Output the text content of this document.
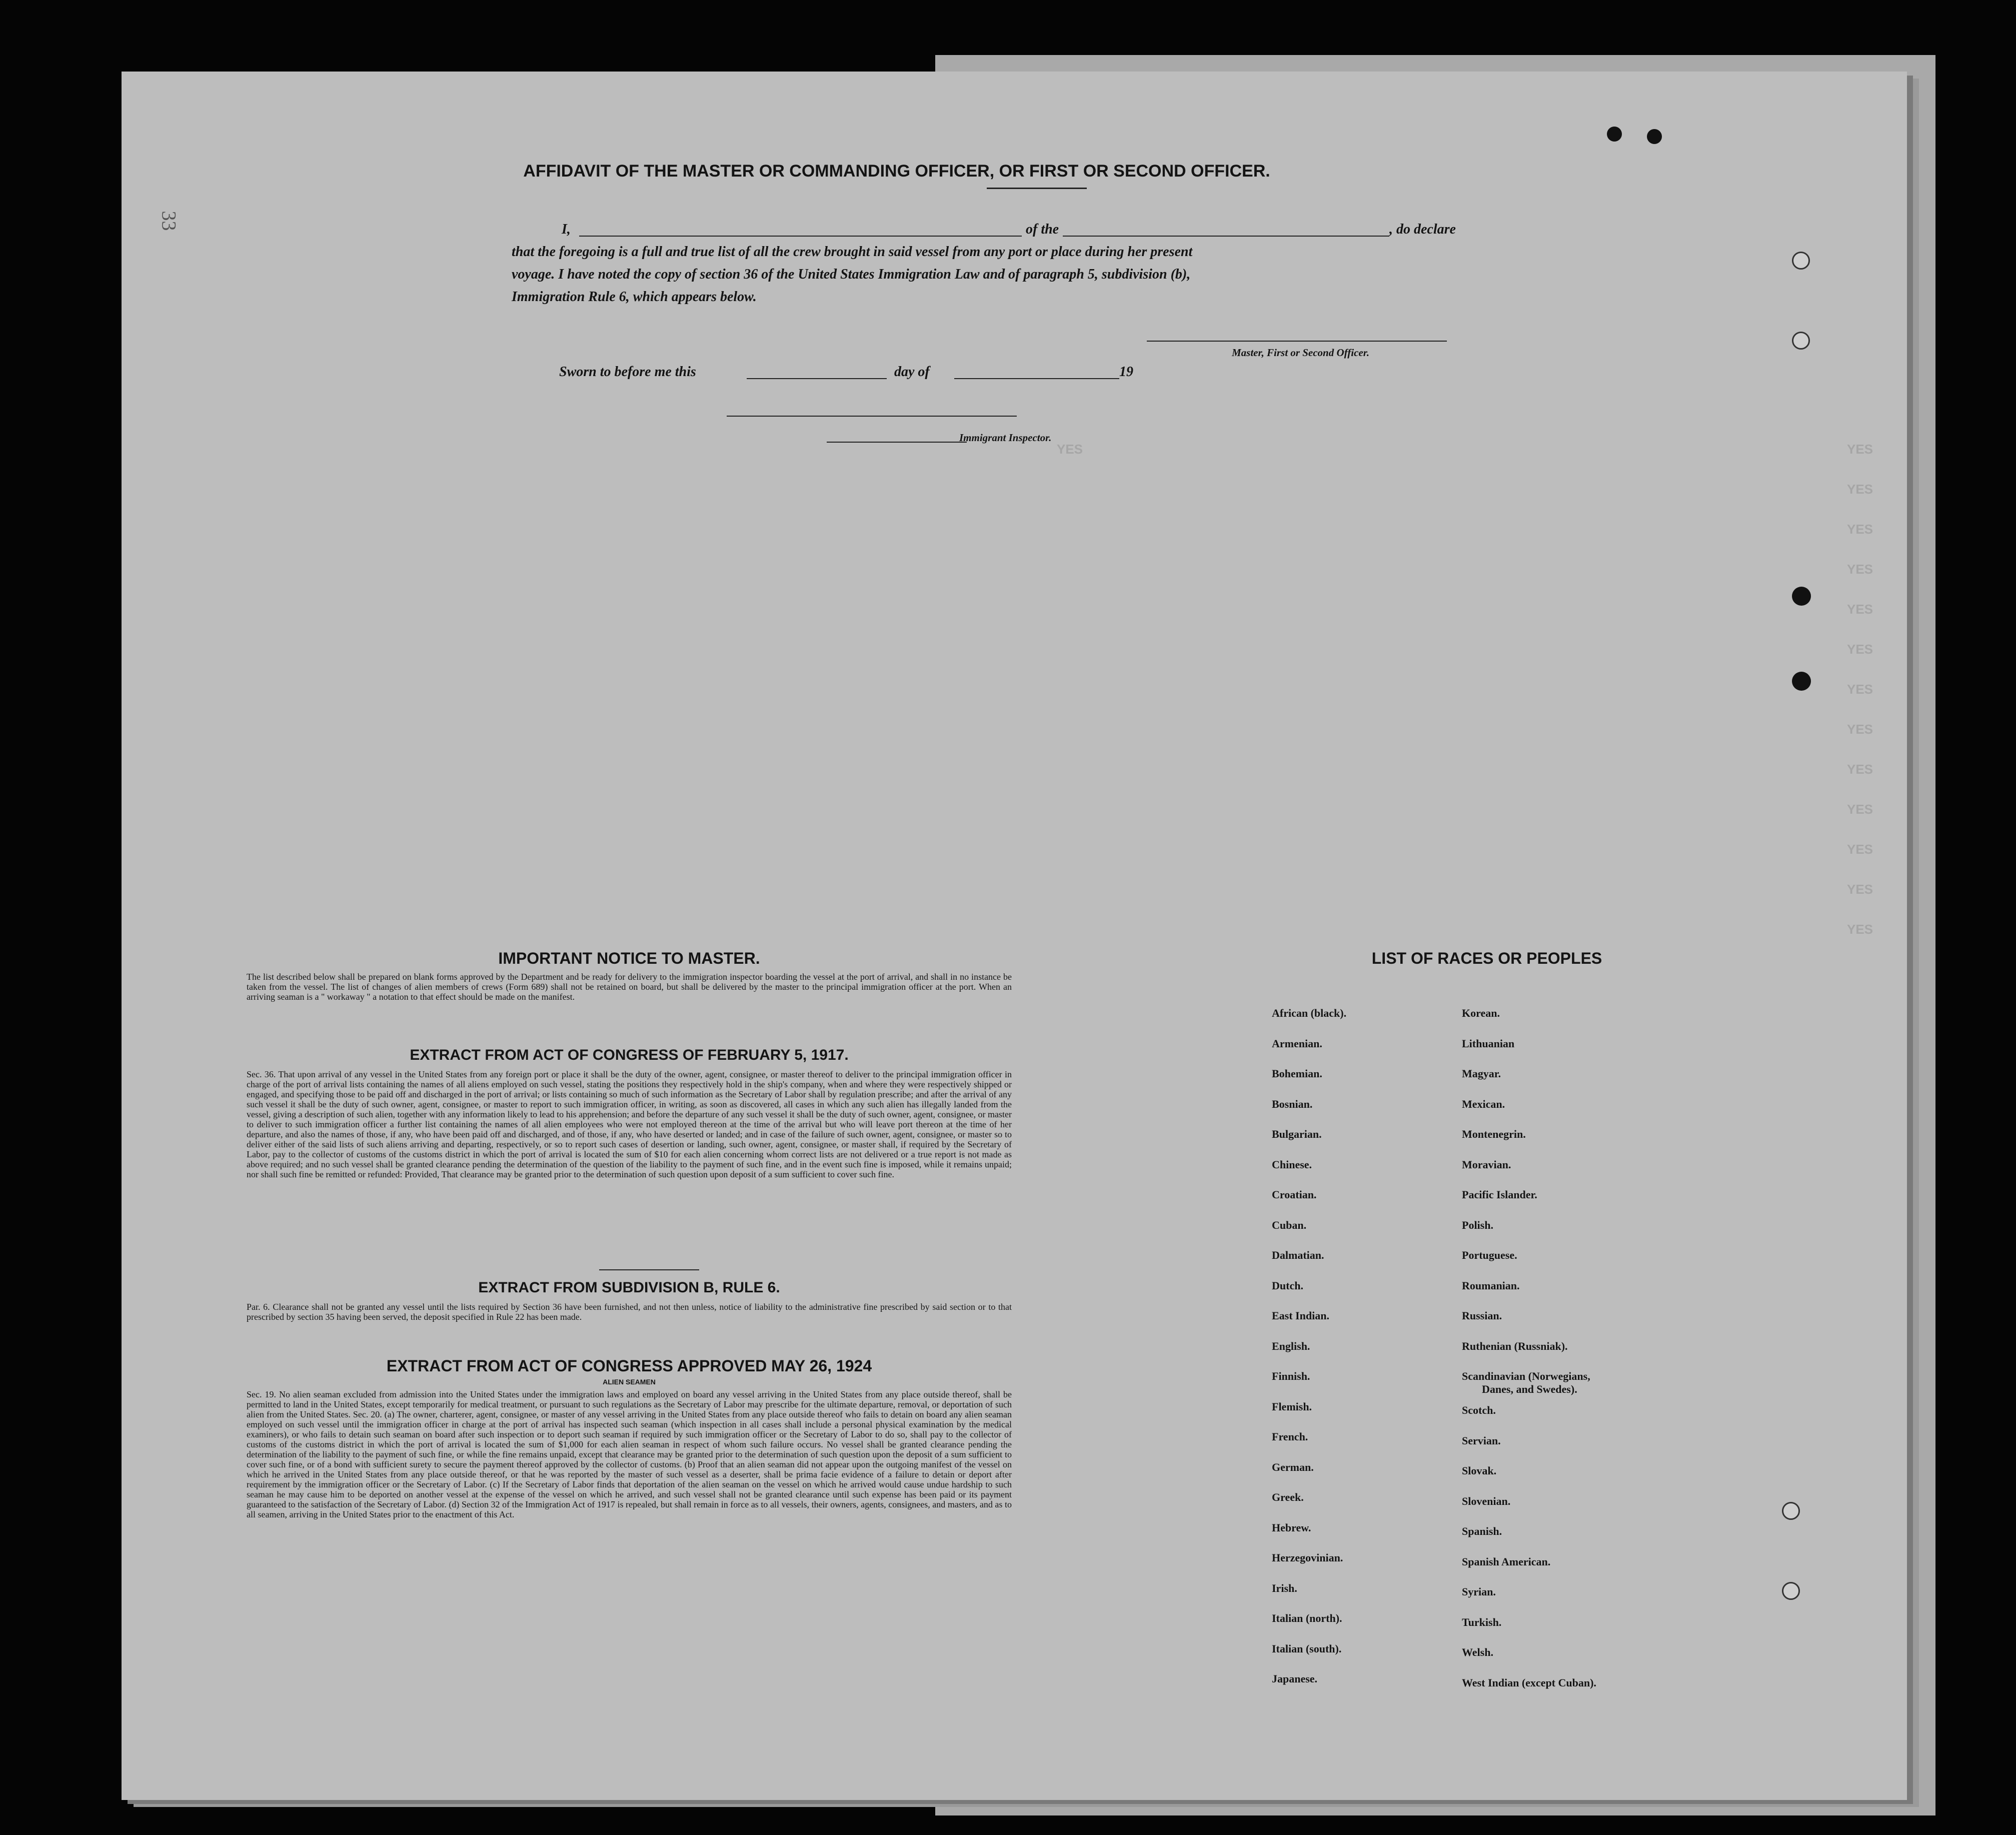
33
YES	YES
YES
YES
YES
YES
YES
YES
YES
YES
YES
YES
YES
YES
AFFIDAVIT OF THE MASTER OR COMMANDING OFFICER, OR FIRST OR SECOND OFFICER.
I,	of the	, do declare
that the foregoing is a full and true list of all the crew brought in said vessel from any port or place during her present
voyage. I have noted the copy of section 36 of the United States Immigration Law and of paragraph 5, subdivision (b),
Immigration Rule 6, which appears below.
Master, First or Second Officer.
Sworn to before me this	day of	19
Immigrant Inspector.
IMPORTANT NOTICE TO MASTER.
The list described below shall be prepared on blank forms approved by the Department and be ready for delivery to the immigration inspector boarding the vessel at the port of arrival, and shall in no instance be taken from the vessel. The list of changes of alien members of crews (Form 689) shall not be retained on board, but shall be delivered by the master to the principal immigration officer at the port. When an arriving seaman is a " workaway " a notation to that effect should be made on the manifest.
EXTRACT FROM ACT OF CONGRESS OF FEBRUARY 5, 1917.
Sec. 36. That upon arrival of any vessel in the United States from any foreign port or place it shall be the duty of the owner, agent, consignee, or master thereof to deliver to the principal immigration officer in charge of the port of arrival lists containing the names of all aliens employed on such vessel, stating the positions they respectively hold in the ship's company, when and where they were respectively shipped or engaged, and specifying those to be paid off and discharged in the port of arrival; or lists containing so much of such information as the Secretary of Labor shall by regulation prescribe; and after the arrival of any such vessel it shall be the duty of such owner, agent, consignee, or master to report to such immigration officer, in writing, as soon as discovered, all cases in which any such alien has illegally landed from the vessel, giving a description of such alien, together with any information likely to lead to his apprehension; and before the departure of any such vessel it shall be the duty of such owner, agent, consignee, or master to deliver to such immigration officer a further list containing the names of all alien employees who were not employed thereon at the time of the arrival but who will leave port thereon at the time of her departure, and also the names of those, if any, who have been paid off and discharged, and of those, if any, who have deserted or landed; and in case of the failure of such owner, agent, consignee, or master so to deliver either of the said lists of such aliens arriving and departing, respectively, or so to report such cases of desertion or landing, such owner, agent, consignee, or master shall, if required by the Secretary of Labor, pay to the collector of customs of the customs district in which the port of arrival is located the sum of $10 for each alien concerning whom correct lists are not delivered or a true report is not made as above required; and no such vessel shall be granted clearance pending the determination of the question of the liability to the payment of such fine, and in the event such fine is imposed, while it remains unpaid; nor shall such fine be remitted or refunded: Provided, That clearance may be granted prior to the determination of such question upon deposit of a sum sufficient to cover such fine.
EXTRACT FROM SUBDIVISION B, RULE 6.
Par. 6. Clearance shall not be granted any vessel until the lists required by Section 36 have been furnished, and not then unless, notice of liability to the administrative fine prescribed by said section or to that prescribed by section 35 having been served, the deposit specified in Rule 22 has been made.
EXTRACT FROM ACT OF CONGRESS APPROVED MAY 26, 1924
ALIEN SEAMEN
Sec. 19. No alien seaman excluded from admission into the United States under the immigration laws and employed on board any vessel arriving in the United States from any place outside thereof, shall be permitted to land in the United States, except temporarily for medical treatment, or pursuant to such regulations as the Secretary of Labor may prescribe for the ultimate departure, removal, or deportation of such alien from the United States. Sec. 20. (a) The owner, charterer, agent, consignee, or master of any vessel arriving in the United States from any place outside thereof who fails to detain on board any alien seaman employed on such vessel until the immigration officer in charge at the port of arrival has inspected such seaman (which inspection in all cases shall include a personal physical examination by the medical examiners), or who fails to detain such seaman on board after such inspection or to deport such seaman if required by such immigration officer or the Secretary of Labor to do so, shall pay to the collector of customs of the customs district in which the port of arrival is located the sum of $1,000 for each alien seaman in respect of whom such failure occurs. No vessel shall be granted clearance pending the determination of the liability to the payment of such fine, or while the fine remains unpaid, except that clearance may be granted prior to the determination of such question upon the deposit of a sum sufficient to cover such fine, or of a bond with sufficient surety to secure the payment thereof approved by the collector of customs. (b) Proof that an alien seaman did not appear upon the outgoing manifest of the vessel on which he arrived in the United States from any place outside thereof, or that he was reported by the master of such vessel as a deserter, shall be prima facie evidence of a failure to detain or deport after requirement by the immigration officer or the Secretary of Labor. (c) If the Secretary of Labor finds that deportation of the alien seaman on the vessel on which he arrived would cause undue hardship to such seaman he may cause him to be deported on another vessel at the expense of the vessel on which he arrived, and such vessel shall not be granted clearance until such expense has been paid or its payment guaranteed to the satisfaction of the Secretary of Labor. (d) Section 32 of the Immigration Act of 1917 is repealed, but shall remain in force as to all vessels, their owners, agents, consignees, and masters, and as to all seamen, arriving in the United States prior to the enactment of this Act.
LIST OF RACES OR PEOPLES
African (black).
Armenian.
Bohemian.
Bosnian.
Bulgarian.
Chinese.
Croatian.
Cuban.
Dalmatian.
Dutch.
East Indian.
English.
Finnish.
Flemish.
French.
German.
Greek.
Hebrew.
Herzegovinian.
Irish.
Italian (north).
Italian (south).
Japanese.
Korean.
Lithuanian
Magyar.
Mexican.
Montenegrin.
Moravian.
Pacific Islander.
Polish.
Portuguese.
Roumanian.
Russian.
Ruthenian (Russniak).
Scandinavian (Norwegians,
Danes, and Swedes).
Scotch.
Servian.
Slovak.
Slovenian.
Spanish.
Spanish American.
Syrian.
Turkish.
Welsh.
West Indian (except Cuban).
